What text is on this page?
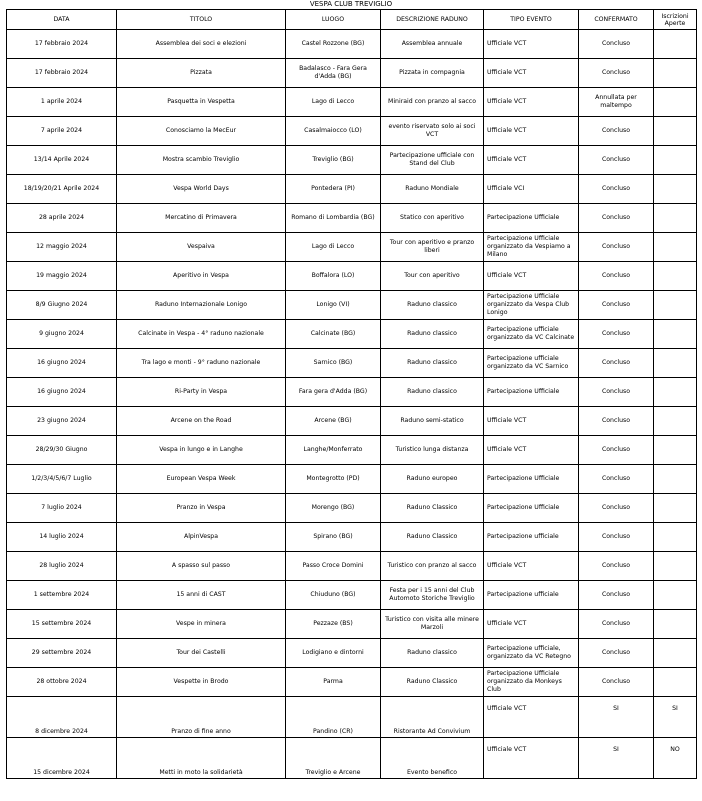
VESPA CLUB TREVIGLIO
DATA	TITOLO	LUOGO	DESCRIZIONE RADUNO	TIPO EVENTO	CONFERMATO	Iscrizioni Aperte
17 febbraio 2024	Assemblea dei soci e elezioni	Castel Rozzone (BG)	Assemblea annuale	Ufficiale VCT	Concluso	
17 febbraio 2024	Pizzata	Badalasco - Fara Gera d'Adda (BG)	Pizzata in compagnia	Ufficiale VCT	Concluso	
1 aprile 2024	Pasquetta in Vespetta	Lago di Lecco	Miniraid con pranzo al sacco	Ufficiale VCT	Annullata per maltempo	
7 aprile 2024	Conosciamo la MecEur	Casalmaiocco (LO)	evento riservato solo ai soci VCT	Ufficiale VCT	Concluso	
13/14 Aprile 2024	Mostra scambio Treviglio	Treviglio (BG)	Partecipazione ufficiale con Stand del Club	Ufficiale VCT	Concluso	
18/19/20/21 Aprile 2024	Vespa World Days	Pontedera (PI)	Raduno Mondiale	Ufficiale VCI	Concluso	
28 aprile 2024	Mercatino di Primavera	Romano di Lombardia (BG)	Statico con aperitivo	Partecipazione Ufficiale	Concluso	
12 maggio 2024	Vespaiva	Lago di Lecco	Tour con aperitivo e pranzo liberi	Partecipazione Ufficiale organizzato da Vespiamo a Milano	Concluso	
19 maggio 2024	Aperitivo in Vespa	Boffalora (LO)	Tour con aperitivo	Ufficiale VCT	Concluso	
8/9 Giugno 2024	Raduno Internazionale Lonigo	Lonigo (VI)	Raduno classico	Partecipazione Ufficiale organizzato da Vespa Club Lonigo	Concluso	
9 giugno 2024	Calcinate in Vespa - 4° raduno nazionale	Calcinate (BG)	Raduno classico	Partecipazione ufficiale organizzato da VC Calcinate	Concluso	
16 giugno 2024	Tra lago e monti - 9° raduno nazionale	Sarnico (BG)	Raduno classico	Partecipazione ufficiale organizzato da VC Sarnico	Concluso	
16 giugno 2024	Ri-Party in Vespa	Fara gera d'Adda (BG)	Raduno classico	Partecipazione Ufficiale	Concluso	
23 giugno 2024	Arcene on the Road	Arcene (BG)	Raduno semi-statico	Ufficiale VCT	Concluso	
28/29/30 Giugno	Vespa in lungo e in Langhe	Langhe/Monferrato	Turistico lunga distanza	Ufficiale VCT	Concluso	
1/2/3/4/5/6/7 Luglio	European Vespa Week	Montegrotto (PD)	Raduno europeo	Partecipazione Ufficiale	Concluso	
7 luglio 2024	Pranzo in Vespa	Morengo (BG)	Raduno Classico	Partecipazione Ufficiale	Concluso	
14 luglio 2024	AlpinVespa	Spirano (BG)	Raduno Classico	Partecipazione ufficiale	Concluso	
28 luglio 2024	A spasso sul passo	Passo Croce Domini	Turistico con pranzo al sacco	Ufficiale VCT	Concluso	
1 settembre 2024	15 anni di CAST	Chiuduno (BG)	Festa per i 15 anni del Club Automoto Storiche Treviglio	Partecipazione ufficiale	Concluso	
15 settembre 2024	Vespe in minera	Pezzaze (BS)	Turistico con visita alle minere Marzoli	Ufficiale VCT	Concluso	
29 settembre 2024	Tour dei Castelli	Lodigiano e dintorni	Raduno classico	Partecipazione ufficiale, organizzato da VC Retegno	Concluso	
28 ottobre 2024	Vespette in Brodo	Parma	Raduno Classico	Partecipazione Ufficiale organizzato da Monkeys Club	Concluso	
8 dicembre 2024	Pranzo di fine anno	Pandino (CR)	Ristorante Ad Convivium	Ufficiale VCT	SI	SI
15 dicembre 2024	Metti in moto la solidarietà	Treviglio e Arcene	Evento benefico	Ufficiale VCT	SI	NO
